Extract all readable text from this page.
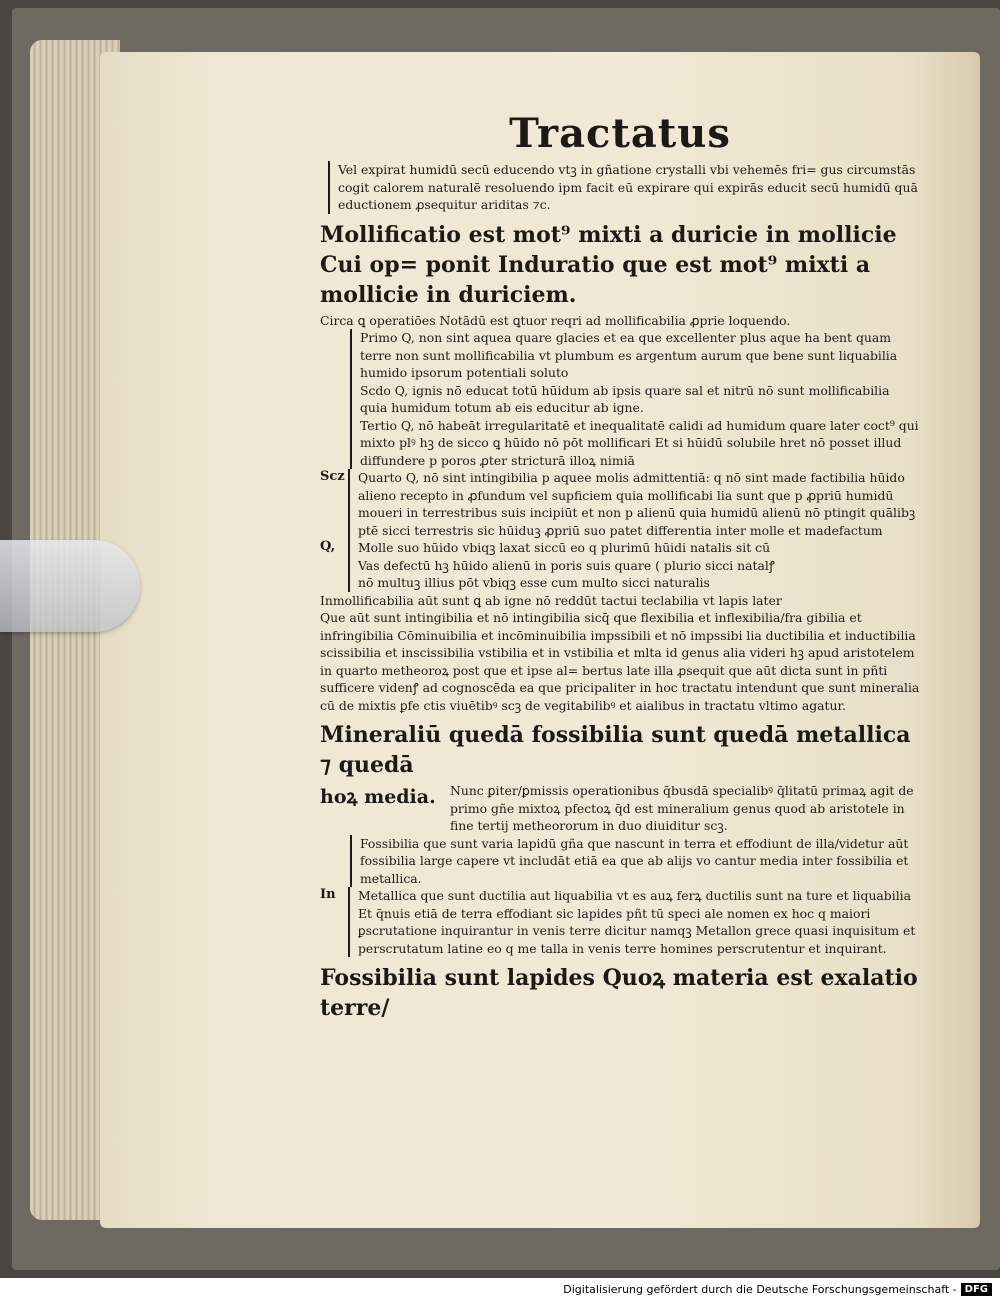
Tractatus

Vel expirat humidū secū educendo vtꝫ in gñatione crystalli vbi vehemēs fri= gus circumstās cogit calorem naturalē resoluendo ipm facit eū expirare qui expirās educit secū humidū quā eductionem ꝓsequitur ariditas ⁊c.

Mollificatio est mot⁹ mixti a duricie in mollicie Cui op= ponit Induratio que est mot⁹ mixti a mollicie in duriciem.

Circa ꝗ operatiōes Notādū est ꝗtuor reqri ad mollificabilia ꝓprie loquendo.

Primo Q, non sint aquea quare glacies et ea que excellenter plus aque ha bent quam terre non sunt mollificabilia vt plumbum es argentum aurum que bene sunt liquabilia humido ipsorum potentiali soluto

Scdo Q, ignis nō educat totū hūidum ab ipsis quare sal et nitrū nō sunt mollificabilia quia humidum totum ab eis educitur ab igne.

Tertio Q, nō habeāt irregularitatē et inequalitatē calidi ad humidum quare later coct⁹ qui mixto plꝰ hꝫ de sicco ꝗ hūido nō pōt mollificari Et si hūidū solubile hret nō posset illud diffundere p poros ꝓter stricturā illoꝝ nimiā

Scz	Quarto Q, nō sint intingibilia p aquee molis admittentiā: q nō sint made factibilia hūido alieno recepto in ꝓfundum vel supficiem quia mollificabi lia sunt que p ꝓpriū humidū moueri in terrestribus suis incipiūt et non p alienū quia humidū alienū nō ptingit quālibꝫ ptē sicci terrestris sic hūiduꝫ ꝓpriū suo patet differentia inter molle et madefactum

Q,	Molle suo hūido vbiqꝫ laxat siccū eo q plurimū hūidi natalis sit cū

Vas defectū hꝫ hūido alienū in poris suis quare ( plurio sicci natalꝭ

nō multuꝫ illius pōt vbiqꝫ esse cum multo sicci naturalis

Inmollificabilia aūt sunt ꝗ ab igne nō reddūt tactui teclabilia vt lapis later

Que aūt sunt intingibilia et nō intingibilia sicq̄ que flexibilia et inflexibilia/fra gibilia et infringibilia Cōminuibilia et incōminuibilia impssibili et nō impssibi lia ductibilia et inductibilia scissibilia et inscissibilia vstibilia et in vstibilia et mlta id genus alia videri hꝫ apud aristotelem in quarto metheoroꝝ post que et ipse al= bertus late illa ꝓsequit que aūt dicta sunt in pñti sufficere videnꝭ ad cognoscēda ea que pricipaliter in hoc tractatu intendunt que sunt mineralia cū de mixtis ꝑfe ctis viuētibꝰ scꝫ de vegitabilibꝰ et aialibus in tractatu vltimo agatur.

Mineraliū quedā fossibilia sunt quedā metallica ⁊ quedā

hoꝝ media.	Nunc ꝑiter/ꝑmissis operationibus q̄busdā specialibꝰ q̄litatū primaꝝ agit de primo gñe mixtoꝝ pfectoꝝ q̄d est mineralium genus quod ab aristotele in fine tertij metheororum in duo diuiditur scꝫ.

Fossibilia que sunt varia lapidū gña que nascunt in terra et effodiunt de illa/videtur aūt fossibilia large capere vt includāt etiā ea que ab alijs vo cantur media inter fossibilia et metallica.

In	Metallica que sunt ductilia aut liquabilia vt es auꝝ ferꝝ ductilis sunt na ture et liquabilia Et q̄nuis etiā de terra effodiant sic lapides pñt tū speci ale nomen ex hoc q maiori ꝑscrutatione inquirantur in venis terre dicitur namqꝫ Metallon grece quasi inquisitum et perscrutatum latine eo q me talla in venis terre homines perscrutentur et inquirant.

Fossibilia sunt lapides Quoꝝ materia est exalatio terre/

Digitalisierung gefördert durch die Deutsche Forschungsgemeinschaft - DFG
